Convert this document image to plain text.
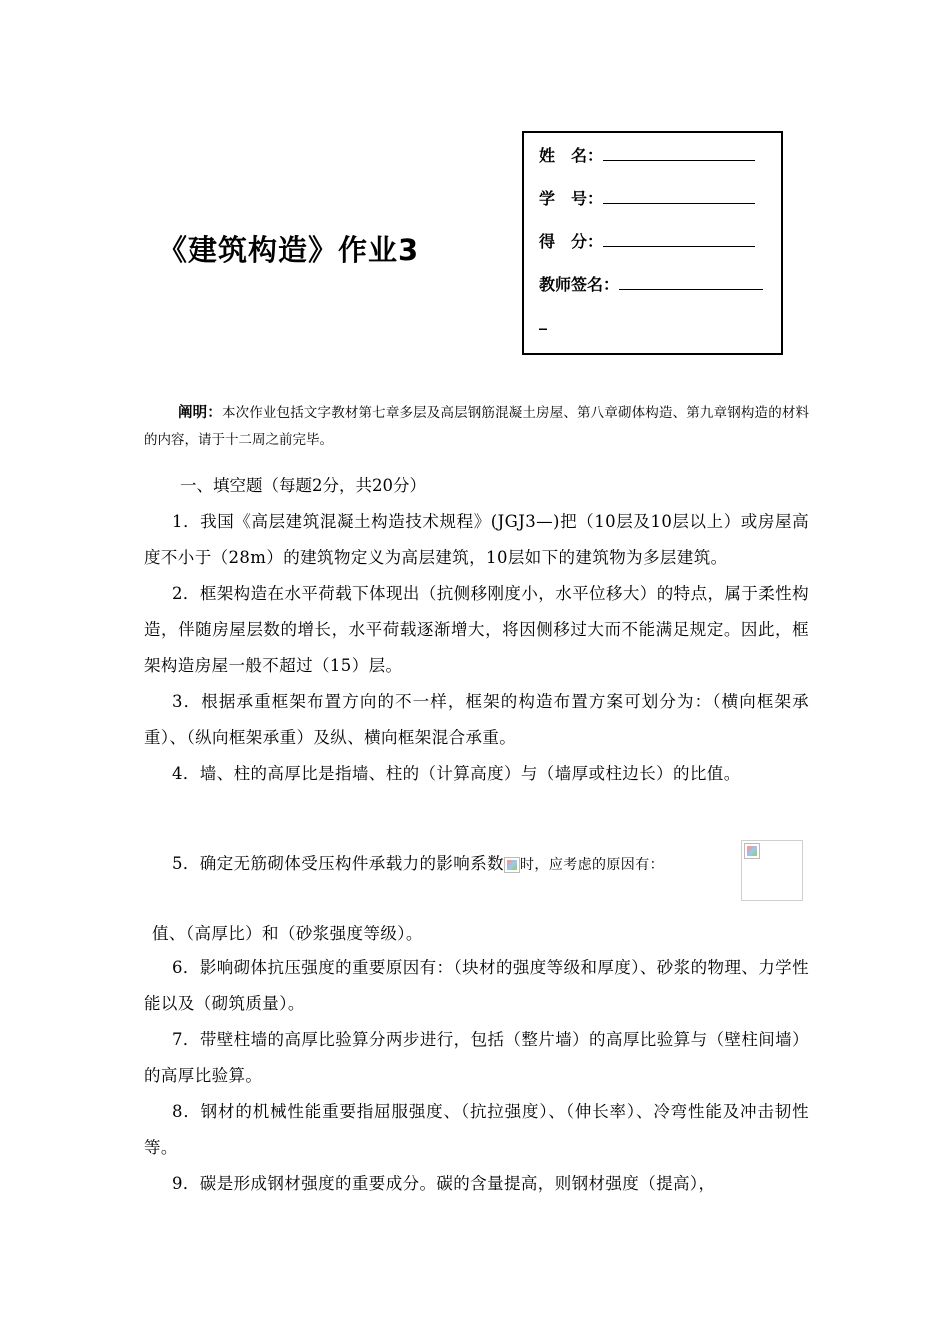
《建筑构造》作业3
姓　名：
学　号：
得　分：
教师签名：
_
阐明：本次作业包括文字教材第七章多层及高层钢筋混凝土房屋、第八章砌体构造、第九章钢构造的材料的内容，请于十二周之前完毕。
一、填空题（每题2分，共20分）

1．我国《高层建筑混凝土构造技术规程》(JGJ3—)把（10层及10层以上）或房屋高度不小于（28m）的建筑物定义为高层建筑，10层如下的建筑物为多层建筑。

2．框架构造在水平荷载下体现出（抗侧移刚度小，水平位移大）的特点，属于柔性构造，伴随房屋层数的增长，水平荷载逐渐增大，将因侧移过大而不能满足规定。因此，框架构造房屋一般不超过（15）层。

3．根据承重框架布置方向的不一样，框架的构造布置方案可划分为：（横向框架承重）、（纵向框架承重）及纵、横向框架混合承重。

4．墙、柱的高厚比是指墙、柱的（计算高度）与（墙厚或柱边长）的比值。

5．确定无筋砌体受压构件承载力的影响系数 时，应考虑的原因有：

值、（高厚比）和（砂浆强度等级）。

6．影响砌体抗压强度的重要原因有：（块材的强度等级和厚度）、砂浆的物理、力学性能以及（砌筑质量）。

7．带壁柱墙的高厚比验算分两步进行，包括（整片墙）的高厚比验算与（壁柱间墙）的高厚比验算。

8．钢材的机械性能重要指屈服强度、（抗拉强度）、（伸长率）、冷弯性能及冲击韧性等。

9．碳是形成钢材强度的重要成分。碳的含量提高，则钢材强度（提高），
